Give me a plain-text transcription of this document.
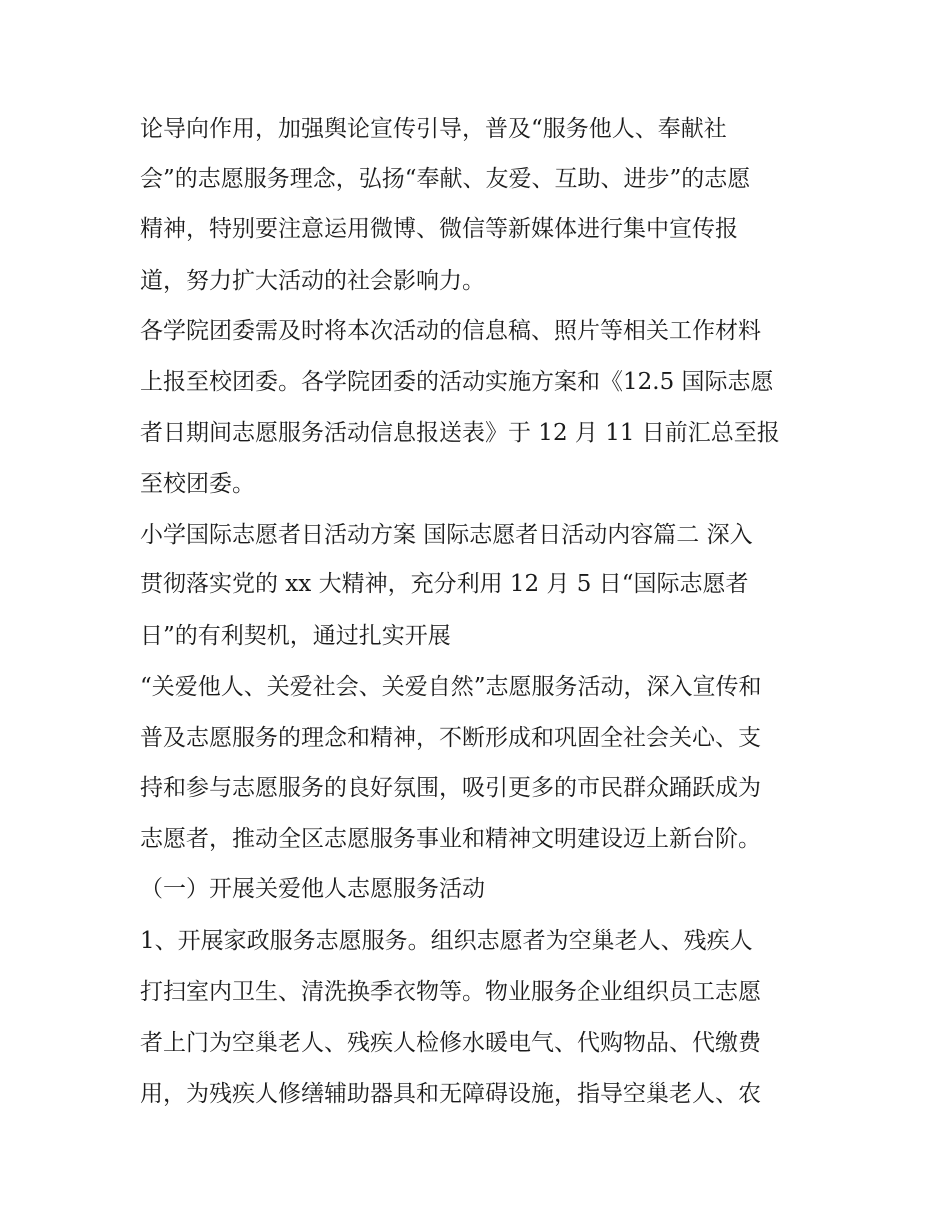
论导向作用，加强舆论宣传引导，普及“服务他人、奉献社
会”的志愿服务理念，弘扬“奉献、友爱、互助、进步”的志愿
精神，特别要注意运用微博、微信等新媒体进行集中宣传报
道，努力扩大活动的社会影响力。
各学院团委需及时将本次活动的信息稿、照片等相关工作材料
上报至校团委。各学院团委的活动实施方案和《12.5 国际志愿
者日期间志愿服务活动信息报送表》于 12 月 11 日前汇总至报
至校团委。
小学国际志愿者日活动方案 国际志愿者日活动内容篇二 深入
贯彻落实党的 xx 大精神，充分利用 12 月 5 日“国际志愿者
日”的有利契机，通过扎实开展
“关爱他人、关爱社会、关爱自然”志愿服务活动，深入宣传和
普及志愿服务的理念和精神，不断形成和巩固全社会关心、支
持和参与志愿服务的良好氛围，吸引更多的市民群众踊跃成为
志愿者，推动全区志愿服务事业和精神文明建设迈上新台阶。
（一）开展关爱他人志愿服务活动
1、开展家政服务志愿服务。组织志愿者为空巢老人、残疾人
打扫室内卫生、清洗换季衣物等。物业服务企业组织员工志愿
者上门为空巢老人、残疾人检修水暖电气、代购物品、代缴费
用，为残疾人修缮辅助器具和无障碍设施，指导空巢老人、农
